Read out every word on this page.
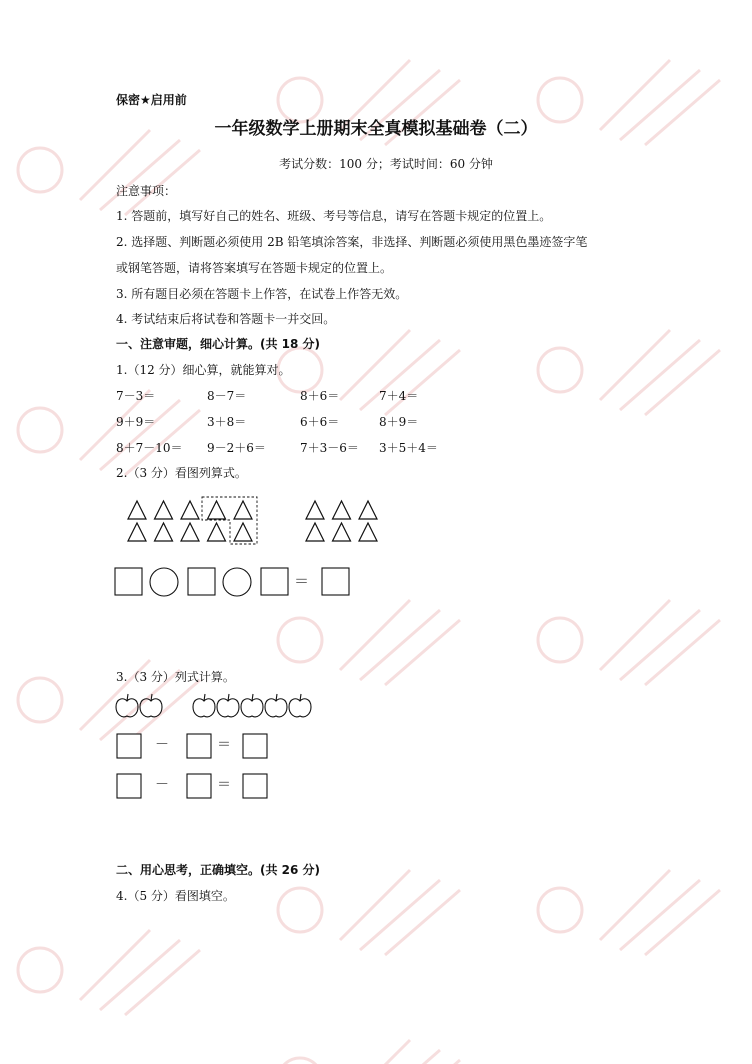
保密★启用前
一年级数学上册期末全真模拟基础卷（二）
考试分数：100 分；考试时间：60 分钟
注意事项：
1. 答题前，填写好自己的姓名、班级、考号等信息，请写在答题卡规定的位置上。
2. 选择题、判断题必须使用 2B 铅笔填涂答案，非选择、判断题必须使用黑色墨迹签字笔
或钢笔答题，请将答案填写在答题卡规定的位置上。
3. 所有题目必须在答题卡上作答，在试卷上作答无效。
4. 考试结束后将试卷和答题卡一并交回。
一、注意审题，细心计算。(共 18 分)
1.（12 分）细心算，就能算对。
7－3＝	8－7＝	8＋6＝	7＋4＝
9＋9＝	3＋8＝	6＋6＝	8＋9＝
8＋7－10＝ 9－2＋6＝	7＋3－6＝ 3＋5＋4＝
2.（3 分）看图列算式。
＝
3.（3 分）列式计算。
－	＝
－	＝
二、用心思考，正确填空。(共 26 分)
4.（5 分）看图填空。
